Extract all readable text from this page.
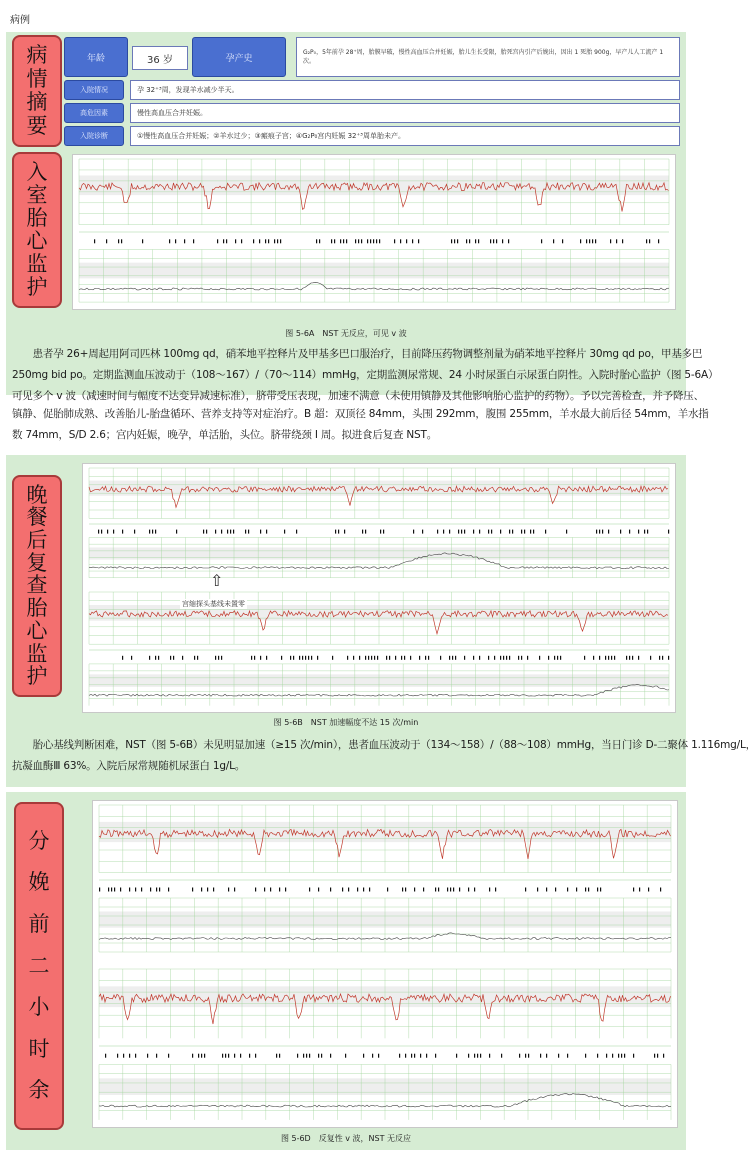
病例
病
情
摘
要
年龄	36 岁	孕产史
G₂P₀，5年前孕 28⁺周，胎膜早破，慢性高血压合并妊娠，胎儿生长受限，胎死宫内引产后娩出，因出 1 死胎 900g，早产儿人工流产 1 次。
入院情况	孕 32⁺³周，发现羊水减少半天。
高危因素	慢性高血压合并妊娠。
入院诊断	①慢性高血压合并妊娠；②羊水过少；③瘢痕子宫；④G₂P₀宫内妊娠 32⁺³周单胎未产。
入
室
胎
心
监
护
图 5-6A　NST 无反应，可见 v 波
　　患者孕 26+周起用阿司匹林 100mg qd，硝苯地平控释片及甲基多巴口服治疗，目前降压药物调整剂量为硝苯地平控释片 30mg qd po，甲基多巴
250mg bid po。定期监测血压波动于（108～167）/（70～114）mmHg，定期监测尿常规、24 小时尿蛋白示尿蛋白阴性。入院时胎心监护（图 5-6A）
可见多个 v 波（减速时间与幅度不达变异减速标准），脐带受压表现，加速不满意（未使用镇静及其他影响胎心监护的药物）。予以完善检查，并予降压、
镇静、促胎肺成熟、改善胎儿-胎盘循环、营养支持等对症治疗。B 超：双顶径 84mm，头围 292mm，腹围 255mm，羊水最大前后径 54mm，羊水指
数 74mm，S/D 2.6；宫内妊娠，晚孕，单活胎，头位。脐带绕颈 I 周。拟进食后复查 NST。
晚
餐
后
复
查
胎
心
监
护
⇧
宫缩探头基线未置零
图 5-6B　NST 加速幅度不达 15 次/min
　　胎心基线判断困难，NST（图 5-6B）未见明显加速（≥15 次/min），患者血压波动于（134～158）/（88～108）mmHg，当日门诊 D-二聚体 1.116mg/L，
抗凝血酶Ⅲ 63%。入院后尿常规随机尿蛋白 1g/L。
分
娩
前
二
小
时
余
图 5-6D　反复性 v 波，NST 无反应
